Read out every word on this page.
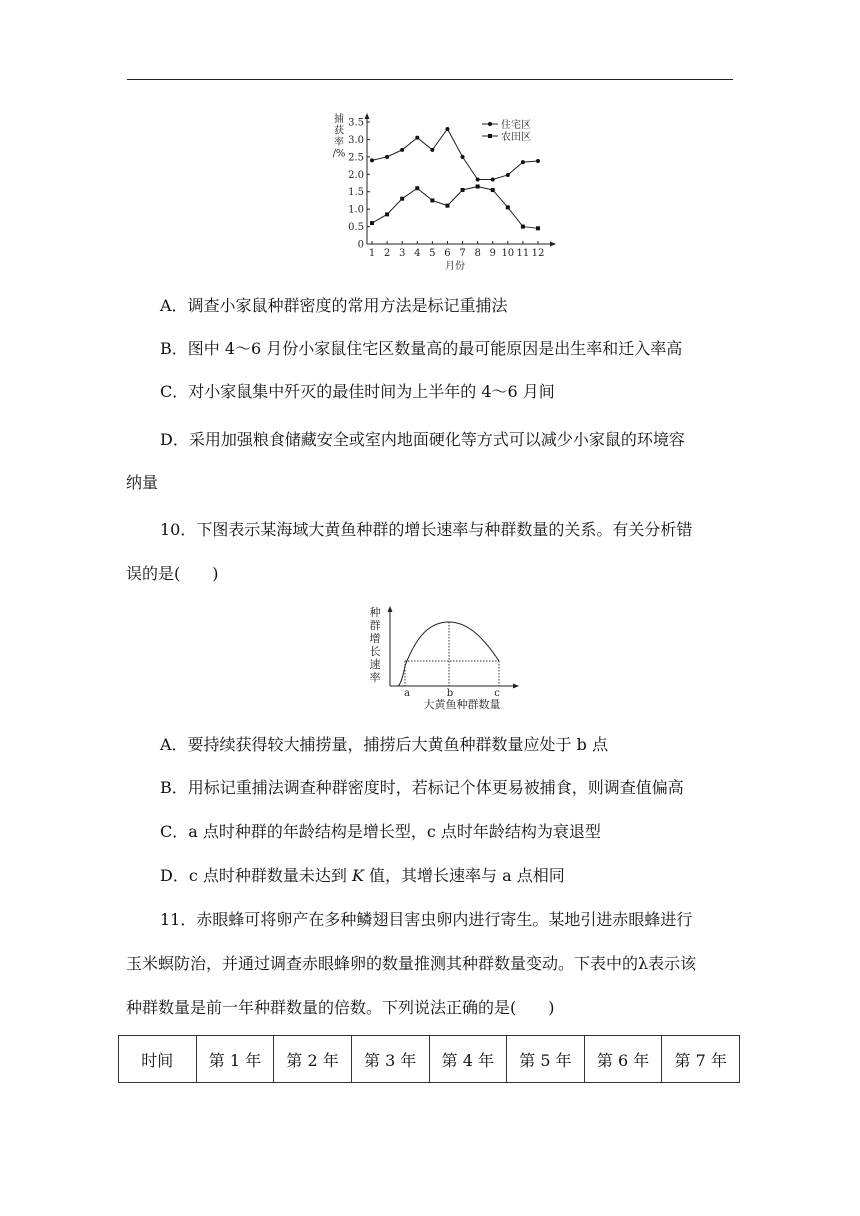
0
0.5
1.0
1.5
2.0
2.5
3.0
3.5
1 2 3 4 5 6 7 8 9 10 11 12
月份
捕
获
率
/%
住宅区
农田区
A．调查小家鼠种群密度的常用方法是标记重捕法
B．图中 4～6 月份小家鼠住宅区数量高的最可能原因是出生率和迁入率高
C．对小家鼠集中歼灭的最佳时间为上半年的 4～6 月间
D．采用加强粮食储藏安全或室内地面硬化等方式可以减少小家鼠的环境容
纳量
10．下图表示某海域大黄鱼种群的增长速率与种群数量的关系。有关分析错
误的是(　　)
种
群
增
长
速
率
a	b	c
大黄鱼种群数量
A．要持续获得较大捕捞量，捕捞后大黄鱼种群数量应处于 b 点
B．用标记重捕法调查种群密度时，若标记个体更易被捕食，则调查值偏高
C．a 点时种群的年龄结构是增长型，c 点时年龄结构为衰退型
D．c 点时种群数量未达到 K 值，其增长速率与 a 点相同
11．赤眼蜂可将卵产在多种鳞翅目害虫卵内进行寄生。某地引进赤眼蜂进行
玉米螟防治，并通过调查赤眼蜂卵的数量推测其种群数量变动。下表中的λ表示该
种群数量是前一年种群数量的倍数。下列说法正确的是(　　)
时间	第 1 年	第 2 年	第 3 年	第 4 年	第 5 年	第 6 年	第 7 年
